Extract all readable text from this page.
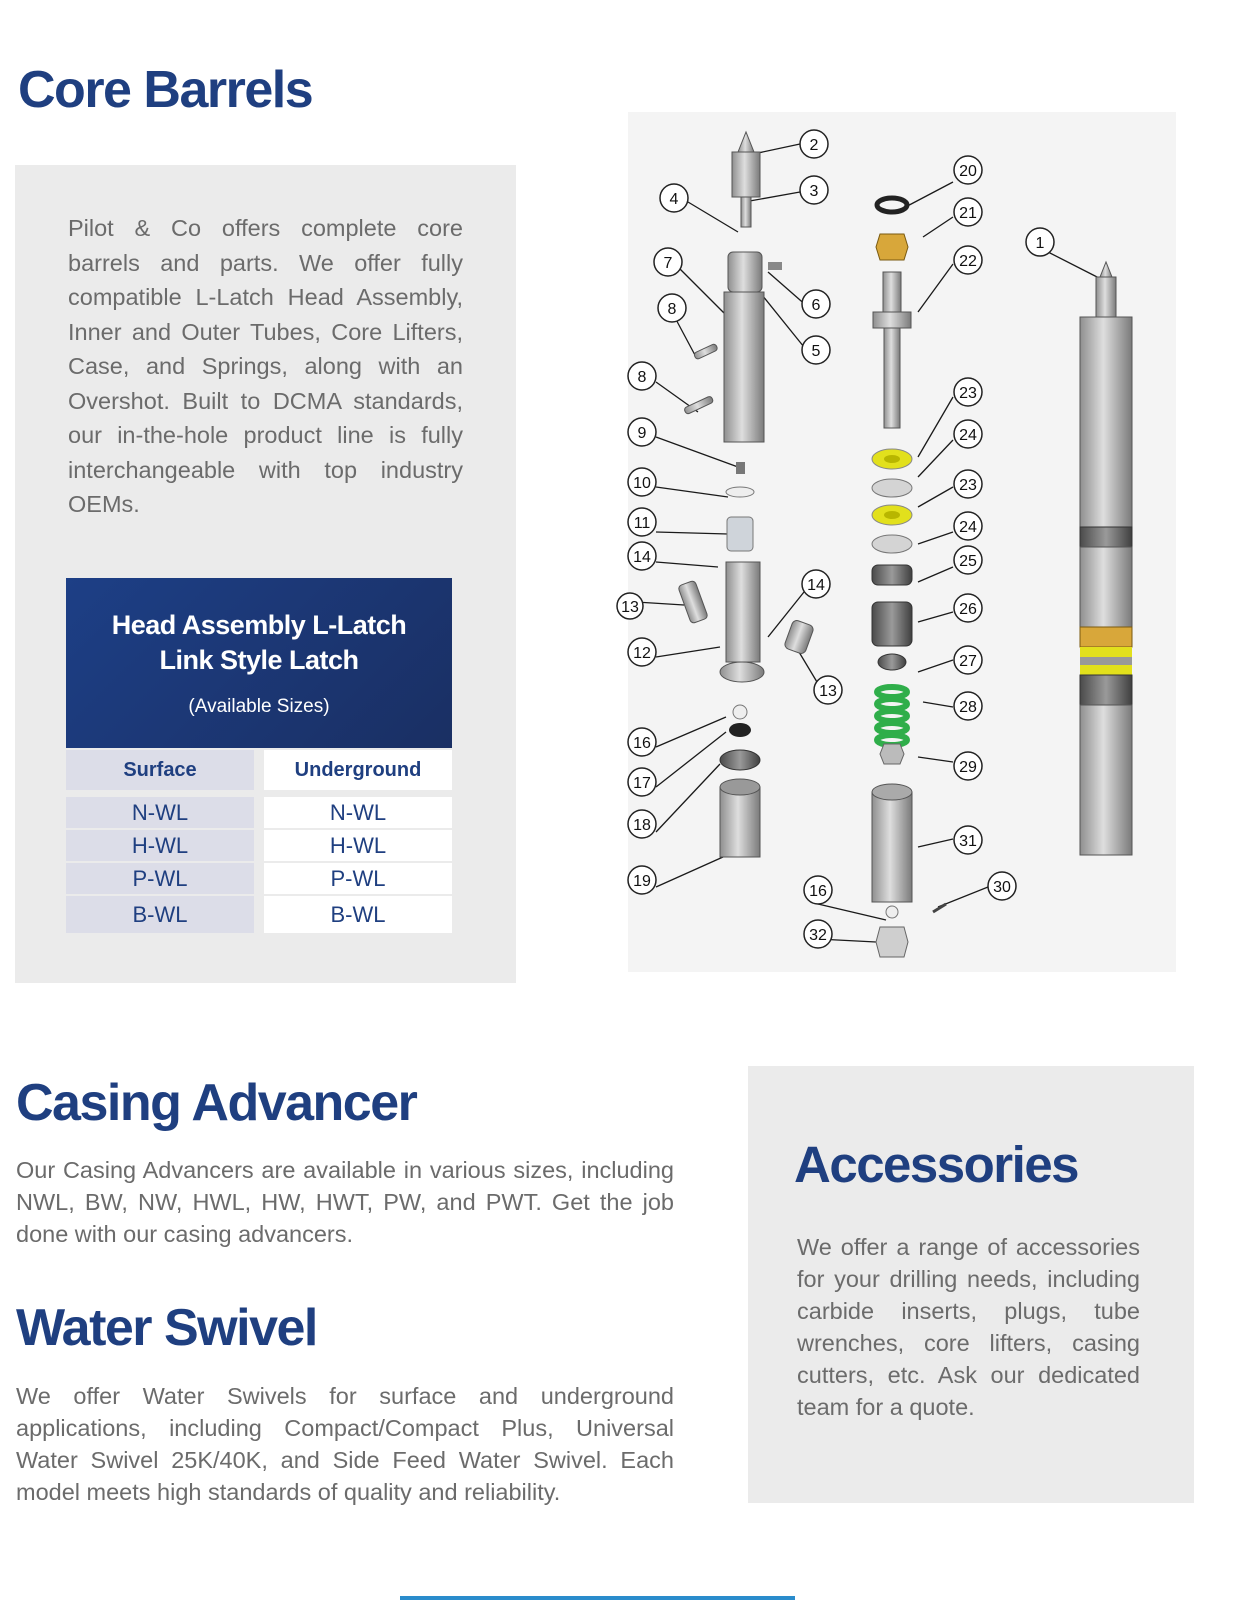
Core Barrels

Pilot & Co offers complete core barrels and parts. We offer fully compatible L-Latch Head Assembly, Inner and Outer Tubes, Core Lifters, Case, and Springs, along with an Overshot. Built to DCMA standards, our in-the-hole product line is fully interchangeable with top industry OEMs.

Head Assembly L-Latch
Link Style Latch
(Available Sizes)
Surface	Underground
N-WL	N-WL
H-WL	H-WL
P-WL	P-WL
B-WL	B-WL
2
3
4
7
6
5
8
8
9
10
11
14
13
12
14
13
16
17
18
19
16
32
20
21
22
23
24
23
24
25
26
27
28
29
31
30
1
Casing Advancer

Our Casing Advancers are available in various sizes, including NWL, BW, NW, HWL, HW, HWT, PW, and PWT. Get the job done with our casing advancers.

Water Swivel

We offer Water Swivels for surface and underground applications, including Compact/Compact Plus, Universal Water Swivel 25K/40K, and Side Feed Water Swivel. Each model meets high standards of quality and reliability.

Accessories

We offer a range of accessories for your drilling needs, including carbide inserts, plugs, tube wrenches, core lifters, casing cutters, etc. Ask our dedicated team for a quote.
